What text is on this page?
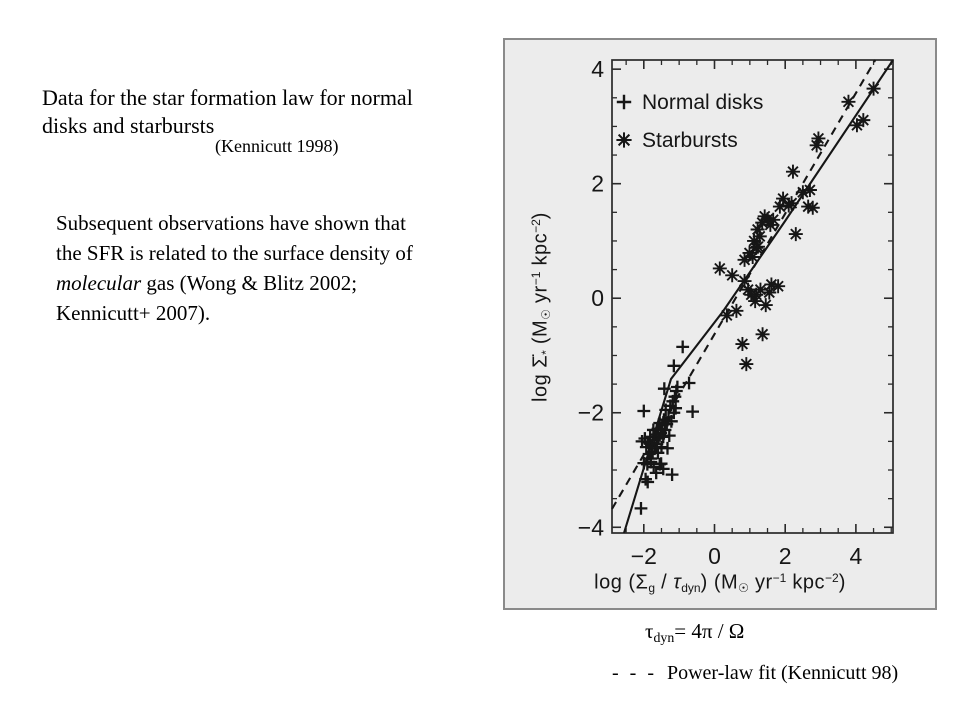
Data for the star formation law for normal
disks and starbursts
(Kennicutt 1998)
Subsequent observations have shown that
the SFR is related to the surface density of
molecular gas (Wong & Blitz 2002;
Kennicutt+ 2007).
−2 0	2	4
4
2
0
−2
−4
Normal disks
Starbursts
$\log \Sigmȧ_*$ ($M_☉$ $yr^{-1}$ kpc$^{-2}$)
$\log (\Sigma_g / \tau_{dyn})$ ($M_☉$ $yr^{-1}$ kpc$^{-2}$)
$\tau_{dyn}= 4\pi / \Omega$
- - - Power-law fit (Kennicutt 98)
